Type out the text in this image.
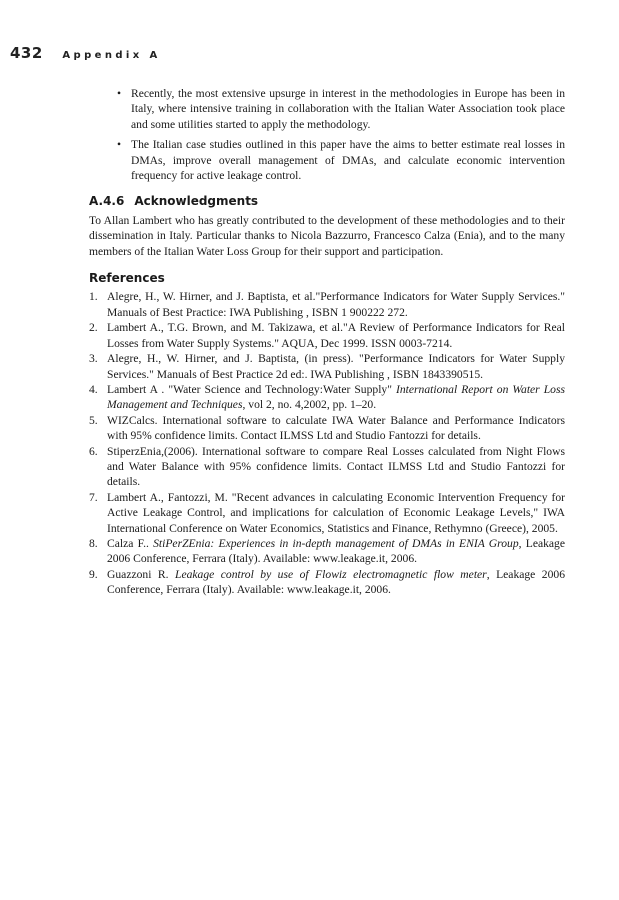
432 Appendix A
• Recently, the most extensive upsurge in interest in the methodologies in Europe has been in Italy, where intensive training in collaboration with the Italian Water Association took place and some utilities started to apply the methodology.
• The Italian case studies outlined in this paper have the aims to better estimate real losses in DMAs, improve overall management of DMAs, and calculate economic intervention frequency for active leakage control.
A.4.6 Acknowledgments

To Allan Lambert who has greatly contributed to the development of these methodologies and to their dissemination in Italy. Particular thanks to Nicola Bazzurro, Francesco Calza (Enia), and to the many members of the Italian Water Loss Group for their support and participation.

References
1. Alegre, H., W. Hirner, and J. Baptista, et al."Performance Indicators for Water Supply Services." Manuals of Best Practice: IWA Publishing , ISBN 1 900222 272.
2. Lambert A., T.G. Brown, and M. Takizawa, et al."A Review of Performance Indicators for Real Losses from Water Supply Systems." AQUA, Dec 1999. ISSN 0003-7214.
3. Alegre, H., W. Hirner, and J. Baptista, (in press). "Performance Indicators for Water Supply Services." Manuals of Best Practice 2d ed:. IWA Publishing , ISBN 1843390515.
4. Lambert A . "Water Science and Technology:Water Supply" International Report on Water Loss Management and Techniques, vol 2, no. 4,2002, pp. 1–20.
5. WIZCalcs. International software to calculate IWA Water Balance and Performance Indicators with 95% confidence limits. Contact ILMSS Ltd and Studio Fantozzi for details.
6. StiperzEnia,(2006). International software to compare Real Losses calculated from Night Flows and Water Balance with 95% confidence limits. Contact ILMSS Ltd and Studio Fantozzi for details.
7. Lambert A., Fantozzi, M. "Recent advances in calculating Economic Intervention Frequency for Active Leakage Control, and implications for calculation of Economic Leakage Levels," IWA International Conference on Water Economics, Statistics and Finance, Rethymno (Greece), 2005.
8. Calza F.. StiPerZEnia: Experiences in in-depth management of DMAs in ENIA Group, Leakage 2006 Conference, Ferrara (Italy). Available: www.leakage.it, 2006.
9. Guazzoni R. Leakage control by use of Flowiz electromagnetic flow meter, Leakage 2006 Conference, Ferrara (Italy). Available: www.leakage.it, 2006.
